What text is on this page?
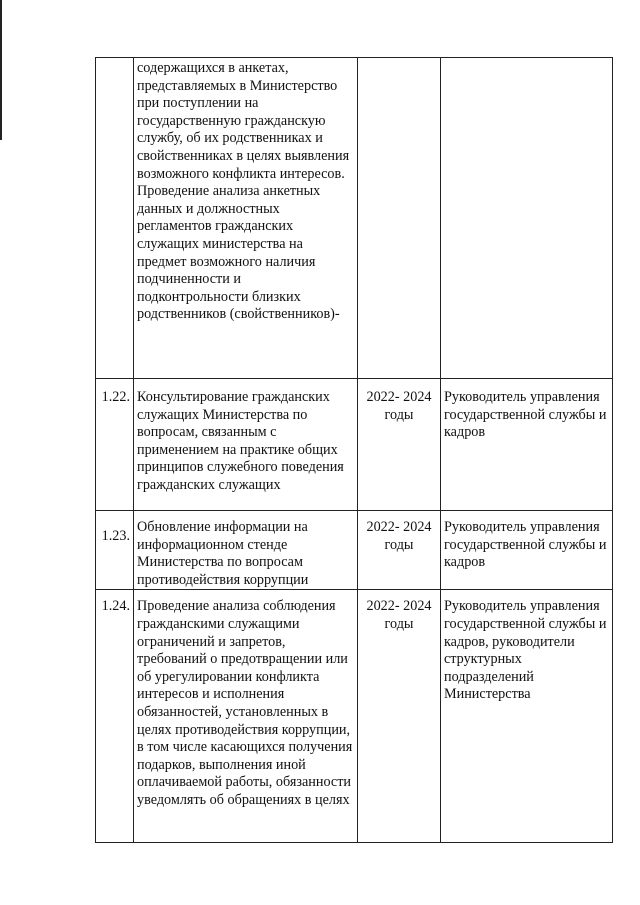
	содержащихся в анкетах, представляемых в Министерство при поступлении на государственную гражданскую службу, об их родственниках и свойственниках в целях выявления возможного конфликта интересов. Проведение анализа анкетных данных и должностных регламентов гражданских служащих министерства на предмет возможного наличия подчиненности и подконтрольности близких родственников (свойственников)-		

1.22.	Консультирование гражданских служащих Министерства по вопросам, связанным с применением на практике общих принципов служебного поведения гражданских служащих	2022- 2024 годы	Руководитель управления государственной службы и кадров

1.23.	Обновление информации на информационном стенде Министерства по вопросам противодействия коррупции	2022- 2024 годы	Руководитель управления государственной службы и кадров
1.24.	Проведение анализа соблюдения гражданскими служащими ограничений и запретов, требований о предотвращении или об урегулировании конфликта интересов и исполнения обязанностей, установленных в целях противодействия коррупции, в том числе касающихся получения подарков, выполнения иной оплачиваемой работы, обязанности уведомлять об обращениях в целях	2022- 2024 годы	Руководитель управления государственной службы и кадров, руководители структурных подразделений Министерства
